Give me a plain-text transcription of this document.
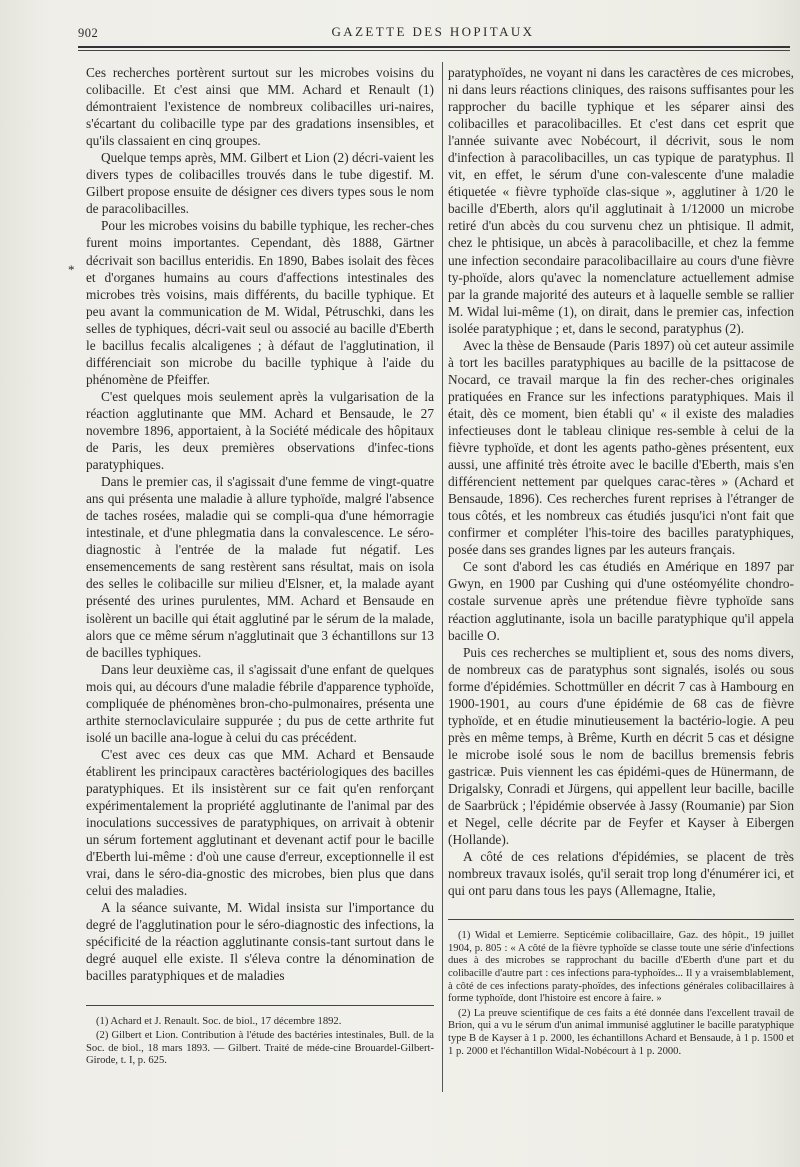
902	GAZETTE DES HOPITAUX
*

Ces recherches portèrent surtout sur les microbes voisins du colibacille. Et c'est ainsi que MM. Achard et Renault (1) démontraient l'existence de nombreux colibacilles uri-naires, s'écartant du colibacille type par des gradations insensibles, et qu'ils classaient en cinq groupes.

Quelque temps après, MM. Gilbert et Lion (2) décri-vaient les divers types de colibacilles trouvés dans le tube digestif. M. Gilbert propose ensuite de désigner ces divers types sous le nom de paracolibacilles.

Pour les microbes voisins du babille typhique, les recher-ches furent moins importantes. Cependant, dès 1888, Gärtner décrivait son bacillus enteridis. En 1890, Babes isolait des fèces et d'organes humains au cours d'affections intestinales des microbes très voisins, mais différents, du bacille typhique. Et peu avant la communication de M. Widal, Pétruschki, dans les selles de typhiques, décri-vait seul ou associé au bacille d'Eberth le bacillus fecalis alcaligenes ; à défaut de l'agglutination, il différenciait son microbe du bacille typhique à l'aide du phénomène de Pfeiffer.

C'est quelques mois seulement après la vulgarisation de la réaction agglutinante que MM. Achard et Bensaude, le 27 novembre 1896, apportaient, à la Société médicale des hôpitaux de Paris, les deux premières observations d'infec-tions paratyphiques.

Dans le premier cas, il s'agissait d'une femme de vingt-quatre ans qui présenta une maladie à allure typhoïde, malgré l'absence de taches rosées, maladie qui se compli-qua d'une hémorragie intestinale, et d'une phlegmatia dans la convalescence. Le séro-diagnostic à l'entrée de la malade fut négatif. Les ensemencements de sang restèrent sans résultat, mais on isola des selles le colibacille sur milieu d'Elsner, et, la malade ayant présenté des urines purulentes, MM. Achard et Bensaude en isolèrent un bacille qui était agglutiné par le sérum de la malade, alors que ce même sérum n'agglutinait que 3 échantillons sur 13 de bacilles typhiques.

Dans leur deuxième cas, il s'agissait d'une enfant de quelques mois qui, au décours d'une maladie fébrile d'apparence typhoïde, compliquée de phénomènes bron-cho-pulmonaires, présenta une arthite sternoclaviculaire suppurée ; du pus de cette arthrite fut isolé un bacille ana-logue à celui du cas précédent.

C'est avec ces deux cas que MM. Achard et Bensaude établirent les principaux caractères bactériologiques des bacilles paratyphiques. Et ils insistèrent sur ce fait qu'en renforçant expérimentalement la propriété agglutinante de l'animal par des inoculations successives de paratyphiques, on arrivait à obtenir un sérum fortement agglutinant et devenant actif pour le bacille d'Eberth lui-même : d'où une cause d'erreur, exceptionnelle il est vrai, dans le séro-dia-gnostic des microbes, bien plus que dans celui des maladies.

A la séance suivante, M. Widal insista sur l'importance du degré de l'agglutination pour le séro-diagnostic des infections, la spécificité de la réaction agglutinante consis-tant surtout dans le degré auquel elle existe. Il s'éleva contre la dénomination de bacilles paratyphiques et de maladies

(1) Achard et J. Renault. Soc. de biol., 17 décembre 1892.

(2) Gilbert et Lion. Contribution à l'étude des bactéries intestinales, Bull. de la Soc. de biol., 18 mars 1893. — Gilbert. Traité de méde-cine Brouardel-Gilbert-Girode, t. I, p. 625.

paratyphoïdes, ne voyant ni dans les caractères de ces microbes, ni dans leurs réactions cliniques, des raisons suffisantes pour les rapprocher du bacille typhique et les séparer ainsi des colibacilles et paracolibacilles. Et c'est dans cet esprit que l'année suivante avec Nobécourt, il décrivit, sous le nom d'infection à paracolibacilles, un cas typique de paratyphus. Il vit, en effet, le sérum d'une con-valescente d'une maladie étiquetée « fièvre typhoïde clas-sique », agglutiner à 1/20 le bacille d'Eberth, alors qu'il agglutinait à 1/12000 un microbe retiré d'un abcès du cou survenu chez un phtisique. Il admit, chez le phtisique, un abcès à paracolibacille, et chez la femme une infection secondaire paracolibacillaire au cours d'une fièvre ty-phoïde, alors qu'avec la nomenclature actuellement admise par la grande majorité des auteurs et à laquelle semble se rallier M. Widal lui-même (1), on dirait, dans le premier cas, infection isolée paratyphique ; et, dans le second, paratyphus (2).

Avec la thèse de Bensaude (Paris 1897) où cet auteur assimile à tort les bacilles paratyphiques au bacille de la psittacose de Nocard, ce travail marque la fin des recher-ches originales pratiquées en France sur les infections paratyphiques. Mais il était, dès ce moment, bien établi qu' « il existe des maladies infectieuses dont le tableau clinique res-semble à celui de la fièvre typhoïde, et dont les agents patho-gènes présentent, eux aussi, une affinité très étroite avec le bacille d'Eberth, mais s'en différencient nettement par quelques carac-tères » (Achard et Bensaude, 1896). Ces recherches furent reprises à l'étranger de tous côtés, et les nombreux cas étudiés jusqu'ici n'ont fait que confirmer et compléter l'his-toire des bacilles paratyphiques, posée dans ses grandes lignes par les auteurs français.

Ce sont d'abord les cas étudiés en Amérique en 1897 par Gwyn, en 1900 par Cushing qui d'une ostéomyélite chondro-costale survenue après une prétendue fièvre typhoïde sans réaction agglutinante, isola un bacille paratyphique qu'il appela bacille O.

Puis ces recherches se multiplient et, sous des noms divers, de nombreux cas de paratyphus sont signalés, isolés ou sous forme d'épidémies. Schottmüller en décrit 7 cas à Hambourg en 1900-1901, au cours d'une épidémie de 68 cas de fièvre typhoïde, et en étudie minutieusement la bactério-logie. A peu près en même temps, à Brême, Kurth en décrit 5 cas et désigne le microbe isolé sous le nom de bacillus bremensis febris gastricæ. Puis viennent les cas épidémi-ques de Hünermann, de Drigalsky, Conradi et Jürgens, qui appellent leur bacille, bacille de Saarbrück ; l'épidémie observée à Jassy (Roumanie) par Sion et Negel, celle décrite par de Feyfer et Kayser à Eibergen (Hollande).

A côté de ces relations d'épidémies, se placent de très nombreux travaux isolés, qu'il serait trop long d'énumérer ici, et qui ont paru dans tous les pays (Allemagne, Italie,

(1) Widal et Lemierre. Septicémie colibacillaire, Gaz. des hôpit., 19 juillet 1904, p. 805 : « A côté de la fièvre typhoïde se classe toute une série d'infections dues à des microbes se rapprochant du bacille d'Eberth d'une part et du colibacille d'autre part : ces infections para-typhoïdes... Il y a vraisemblablement, à côté de ces infections paraty-phoïdes, des infections générales colibacillaires à forme typhoïde, dont l'histoire est encore à faire. »

(2) La preuve scientifique de ces faits a été donnée dans l'excellent travail de Brion, qui a vu le sérum d'un animal immunisé agglutiner le bacille paratyphique type B de Kayser à 1 p. 2000, les échantillons Achard et Bensaude, à 1 p. 1500 et 1 p. 2000 et l'échantillon Widal-Nobécourt à 1 p. 2000.
